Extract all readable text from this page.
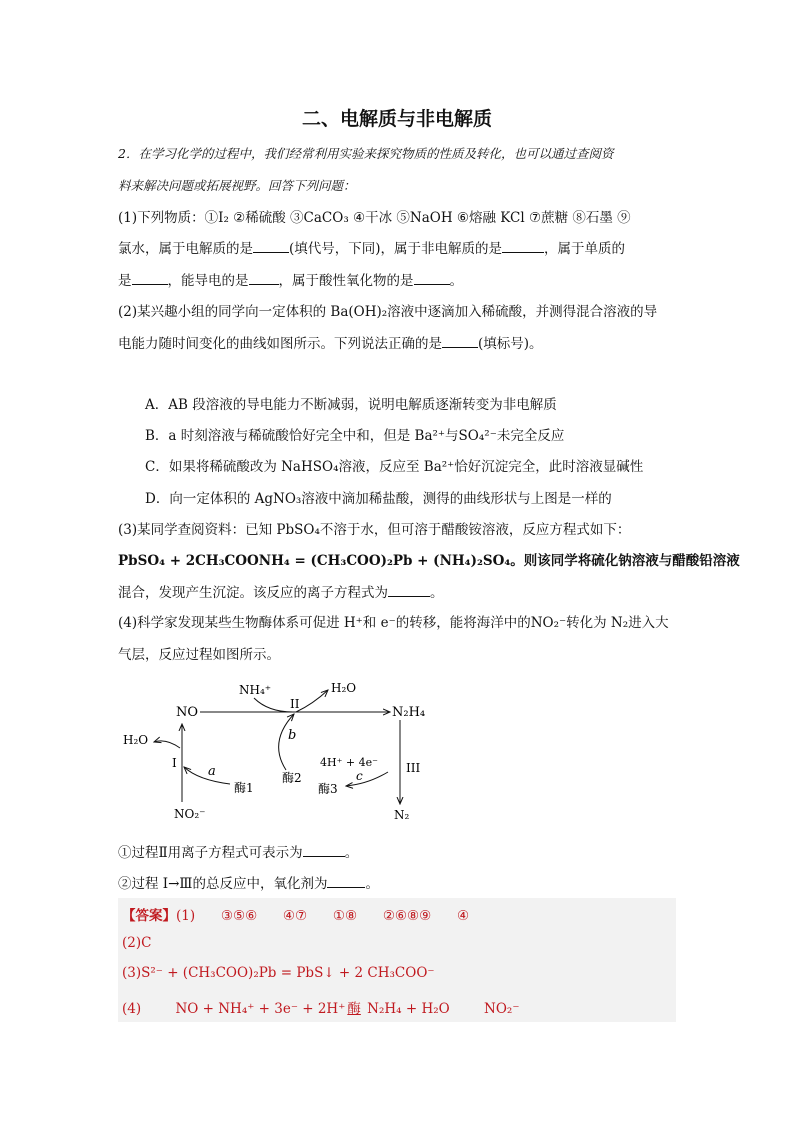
二、电解质与非电解质
2．在学习化学的过程中，我们经常利用实验来探究物质的性质及转化，也可以通过查阅资
料来解决问题或拓展视野。回答下列问题：
(1)下列物质：①I₂ ②稀硫酸 ③CaCO₃ ④干冰 ⑤NaOH ⑥熔融 KCl ⑦蔗糖 ⑧石墨 ⑨
氯水，属于电解质的是	(填代号，下同)，属于非电解质的是	，属于单质的
是	，能导电的是 ，属于酸性氧化物的是	。
(2)某兴趣小组的同学向一定体积的 Ba(OH)₂溶液中逐滴加入稀硫酸，并测得混合溶液的导
电能力随时间变化的曲线如图所示。下列说法正确的是	(填标号)。
A．AB 段溶液的导电能力不断减弱，说明电解质逐渐转变为非电解质
B．a 时刻溶液与稀硫酸恰好完全中和，但是 Ba²⁺与SO₄²⁻未完全反应
C．如果将稀硫酸改为 NaHSO₄溶液，反应至 Ba²⁺恰好沉淀完全，此时溶液显碱性
D．向一定体积的 AgNO₃溶液中滴加稀盐酸，测得的曲线形状与上图是一样的
(3)某同学查阅资料：已知 PbSO₄不溶于水，但可溶于醋酸铵溶液，反应方程式如下：
PbSO₄ + 2CH₃COONH₄ = (CH₃COO)₂Pb + (NH₄)₂SO₄。则该同学将硫化钠溶液与醋酸铅溶液
混合，发现产生沉淀。该反应的离子方程式为	。
(4)科学家发现某些生物酶体系可促进 H⁺和 e⁻的转移，能将海洋中的NO₂⁻转化为 N₂进入大
气层，反应过程如图所示。
NO	N₂H₄
NH₄⁺	H₂O
II
b
酶2
NO₂⁻
I
H₂O
a
酶1
N₂
III
4H⁺ + 4e⁻
c
酶3
①过程Ⅱ用离子方程式可表示为	。
②过程 Ⅰ→Ⅲ的总反应中，氧化剂为	。
【答案】(1)      ③⑤⑥      ④⑦      ①⑧      ②⑥⑧⑨      ④
(2)C
(3)S²⁻ + (CH₃COO)₂Pb = PbS↓ + 2 CH₃COO⁻
(4)        NO + NH₄⁺ + 3e⁻ + 2H⁺ 酶 N₂H₄ + H₂O        NO₂⁻
